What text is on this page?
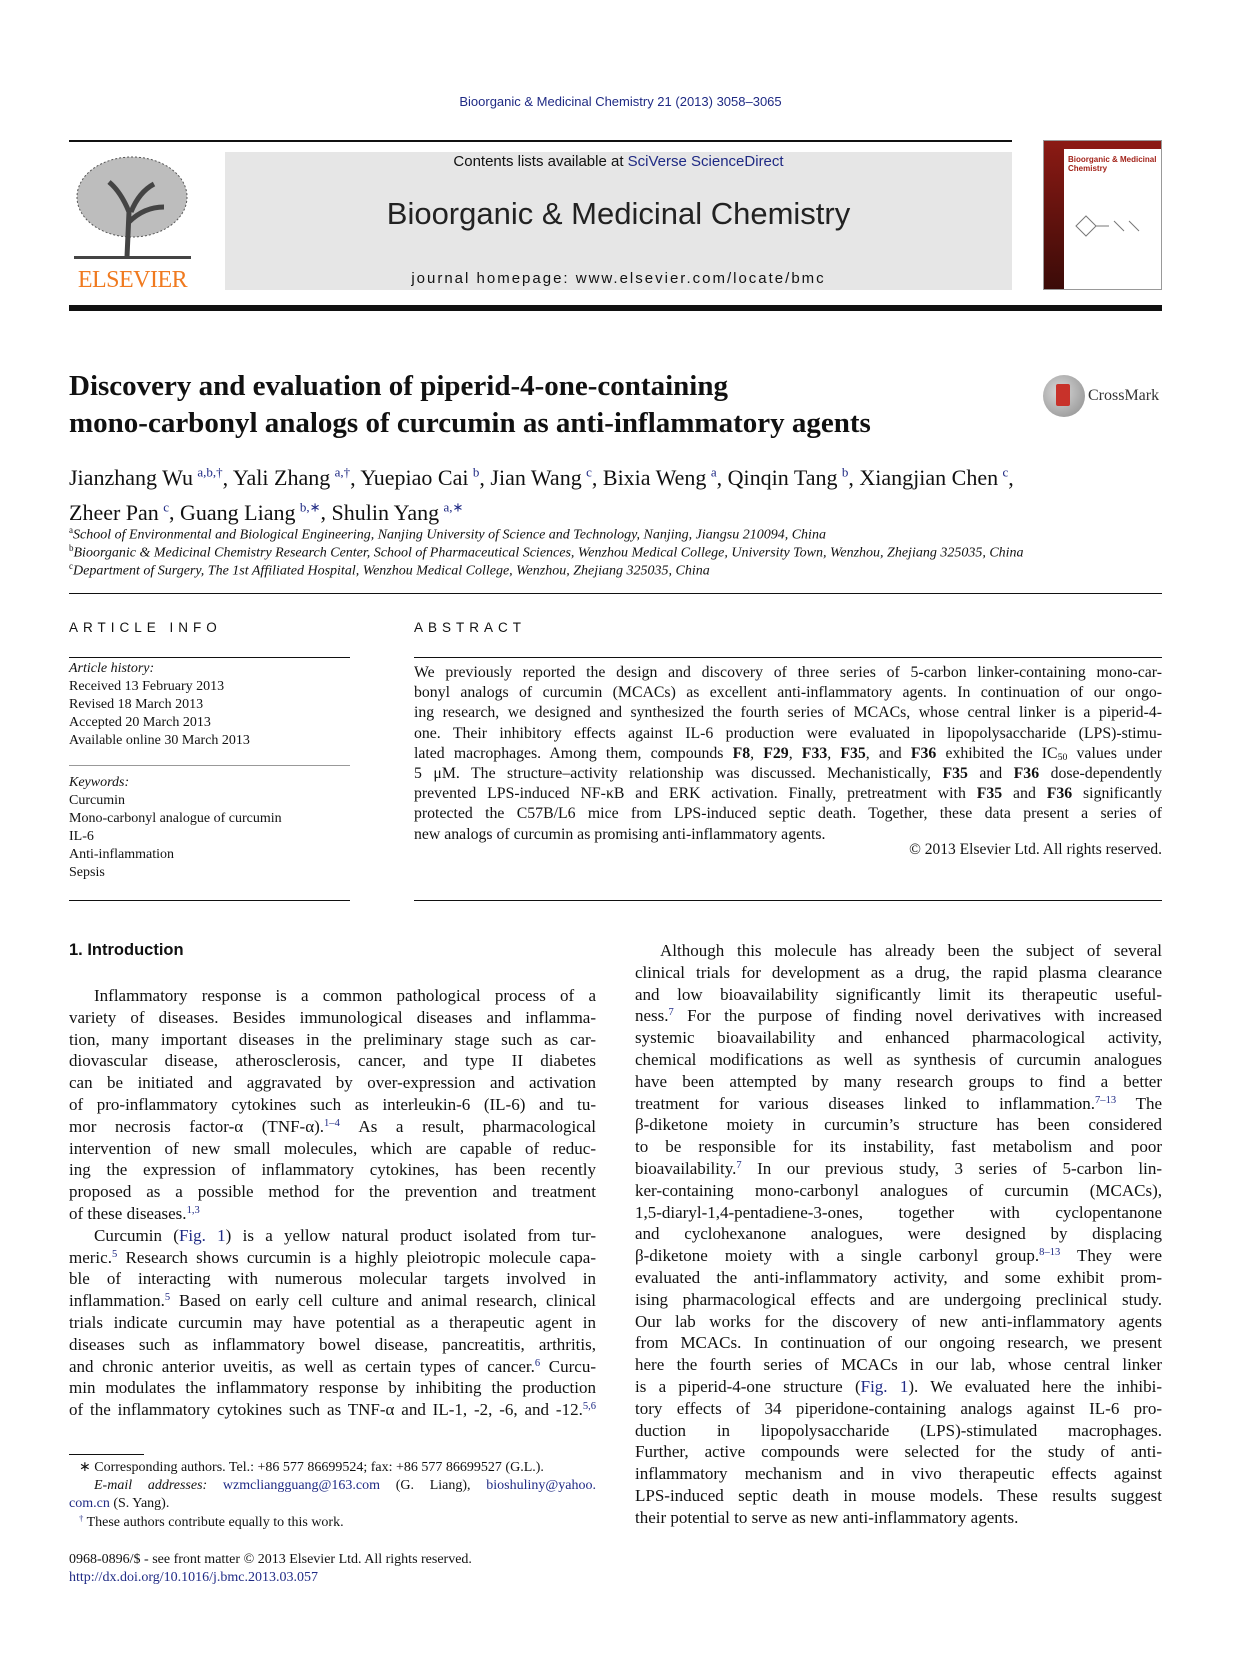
Bioorganic & Medicinal Chemistry 21 (2013) 3058–3065
ELSEVIER
Contents lists available at SciVerse ScienceDirect
Bioorganic & Medicinal Chemistry
journal homepage: www.elsevier.com/locate/bmc
Bioorganic & Medicinal Chemistry
Discovery and evaluation of piperid-4-one-containing
mono-carbonyl analogs of curcumin as anti-inflammatory agents
CrossMark
Jianzhang Wu $^{a,b,\dagger}$, Yali Zhang $^{a,\dagger}$, Yuepiao Cai $^b$, Jian Wang $^c$, Bixia Weng $^a$, Qinqin Tang $^b$, Xiangjian Chen $^c$,
Zheer Pan $^c$, Guang Liang $^{b,∗}$, Shulin Yang $^{a,∗}$
$^a$School of Environmental and Biological Engineering, Nanjing University of Science and Technology, Nanjing, Jiangsu 210094, China
$^b$Bioorganic & Medicinal Chemistry Research Center, School of Pharmaceutical Sciences, Wenzhou Medical College, University Town, Wenzhou, Zhejiang 325035, China
$^c$Department of Surgery, The 1st Affiliated Hospital, Wenzhou Medical College, Wenzhou, Zhejiang 325035, China
ARTICLE INFO
Article history:
Received 13 February 2013
Revised 18 March 2013
Accepted 20 March 2013
Available online 30 March 2013
Keywords:
Curcumin
Mono-carbonyl analogue of curcumin
IL-6
Anti-inflammation
Sepsis
ABSTRACT
We previously reported the design and discovery of three series of 5-carbon linker-containing mono-car-
bonyl analogs of curcumin (MCACs) as excellent anti-inflammatory agents. In continuation of our ongo-
ing research, we designed and synthesized the fourth series of MCACs, whose central linker is a piperid-4-
one. Their inhibitory effects against IL-6 production were evaluated in lipopolysaccharide (LPS)-stimu-
lated macrophages. Among them, compounds F8, F29, F33, F35, and F36 exhibited the $IC_{50}$ values under
5 μM. The structure–activity relationship was discussed. Mechanistically, F35 and F36 dose-dependently
prevented LPS-induced NF-κB and ERK activation. Finally, pretreatment with F35 and F36 significantly
protected the C57B/L6 mice from LPS-induced septic death. Together, these data present a series of
new analogs of curcumin as promising anti-inflammatory agents.
© 2013 Elsevier Ltd. All rights reserved.
1. Introduction
Inflammatory response is a common pathological process of a
variety of diseases. Besides immunological diseases and inflamma-
tion, many important diseases in the preliminary stage such as car-
diovascular disease, atherosclerosis, cancer, and type II diabetes
can be initiated and aggravated by over-expression and activation
of pro-inflammatory cytokines such as interleukin-6 (IL-6) and tu-
mor necrosis factor-α (TNF-α).$^{1-4}$ As a result, pharmacological
intervention of new small molecules, which are capable of reduc-
ing the expression of inflammatory cytokines, has been recently
proposed as a possible method for the prevention and treatment
of these diseases.$^{1,3}$
Curcumin (Fig. 1) is a yellow natural product isolated from tur-
meric.$^5$ Research shows curcumin is a highly pleiotropic molecule capa-
ble of interacting with numerous molecular targets involved in
inflammation.$^5$ Based on early cell culture and animal research, clinical
trials indicate curcumin may have potential as a therapeutic agent in
diseases such as inflammatory bowel disease, pancreatitis, arthritis,
and chronic anterior uveitis, as well as certain types of cancer.$^6$ Curcu-
min modulates the inflammatory response by inhibiting the production
of the inflammatory cytokines such as TNF-α and IL-1, -2, -6, and -12.$^{5,6}$
Although this molecule has already been the subject of several
clinical trials for development as a drug, the rapid plasma clearance
and low bioavailability significantly limit its therapeutic useful-
ness.$^7$ For the purpose of finding novel derivatives with increased
systemic bioavailability and enhanced pharmacological activity,
chemical modifications as well as synthesis of curcumin analogues
have been attempted by many research groups to find a better
treatment for various diseases linked to inflammation.$^{7-13}$ The
β-diketone moiety in curcumin’s structure has been considered
to be responsible for its instability, fast metabolism and poor
bioavailability.$^7$ In our previous study, 3 series of 5-carbon lin-
ker-containing mono-carbonyl analogues of curcumin (MCACs),
1,5-diaryl-1,4-pentadiene-3-ones, together with cyclopentanone
and cyclohexanone analogues, were designed by displacing
β-diketone moiety with a single carbonyl group.$^{8-13}$ They were
evaluated the anti-inflammatory activity, and some exhibit prom-
ising pharmacological effects and are undergoing preclinical study.
Our lab works for the discovery of new anti-inflammatory agents
from MCACs. In continuation of our ongoing research, we present
here the fourth series of MCACs in our lab, whose central linker
is a piperid-4-one structure (Fig. 1). We evaluated here the inhibi-
tory effects of 34 piperidone-containing analogs against IL-6 pro-
duction in lipopolysaccharide (LPS)-stimulated macrophages.
Further, active compounds were selected for the study of anti-
inflammatory mechanism and in vivo therapeutic effects against
LPS-induced septic death in mouse models. These results suggest
their potential to serve as new anti-inflammatory agents.
∗ Corresponding authors. Tel.: +86 577 86699524; fax: +86 577 86699527 (G.L.).
E-mail addresses: wzmcliangguang@163.com (G. Liang), bioshuliny@yahoo.
com.cn (S. Yang).
† These authors contribute equally to this work.
0968-0896/$ - see front matter © 2013 Elsevier Ltd. All rights reserved.
http://dx.doi.org/10.1016/j.bmc.2013.03.057
